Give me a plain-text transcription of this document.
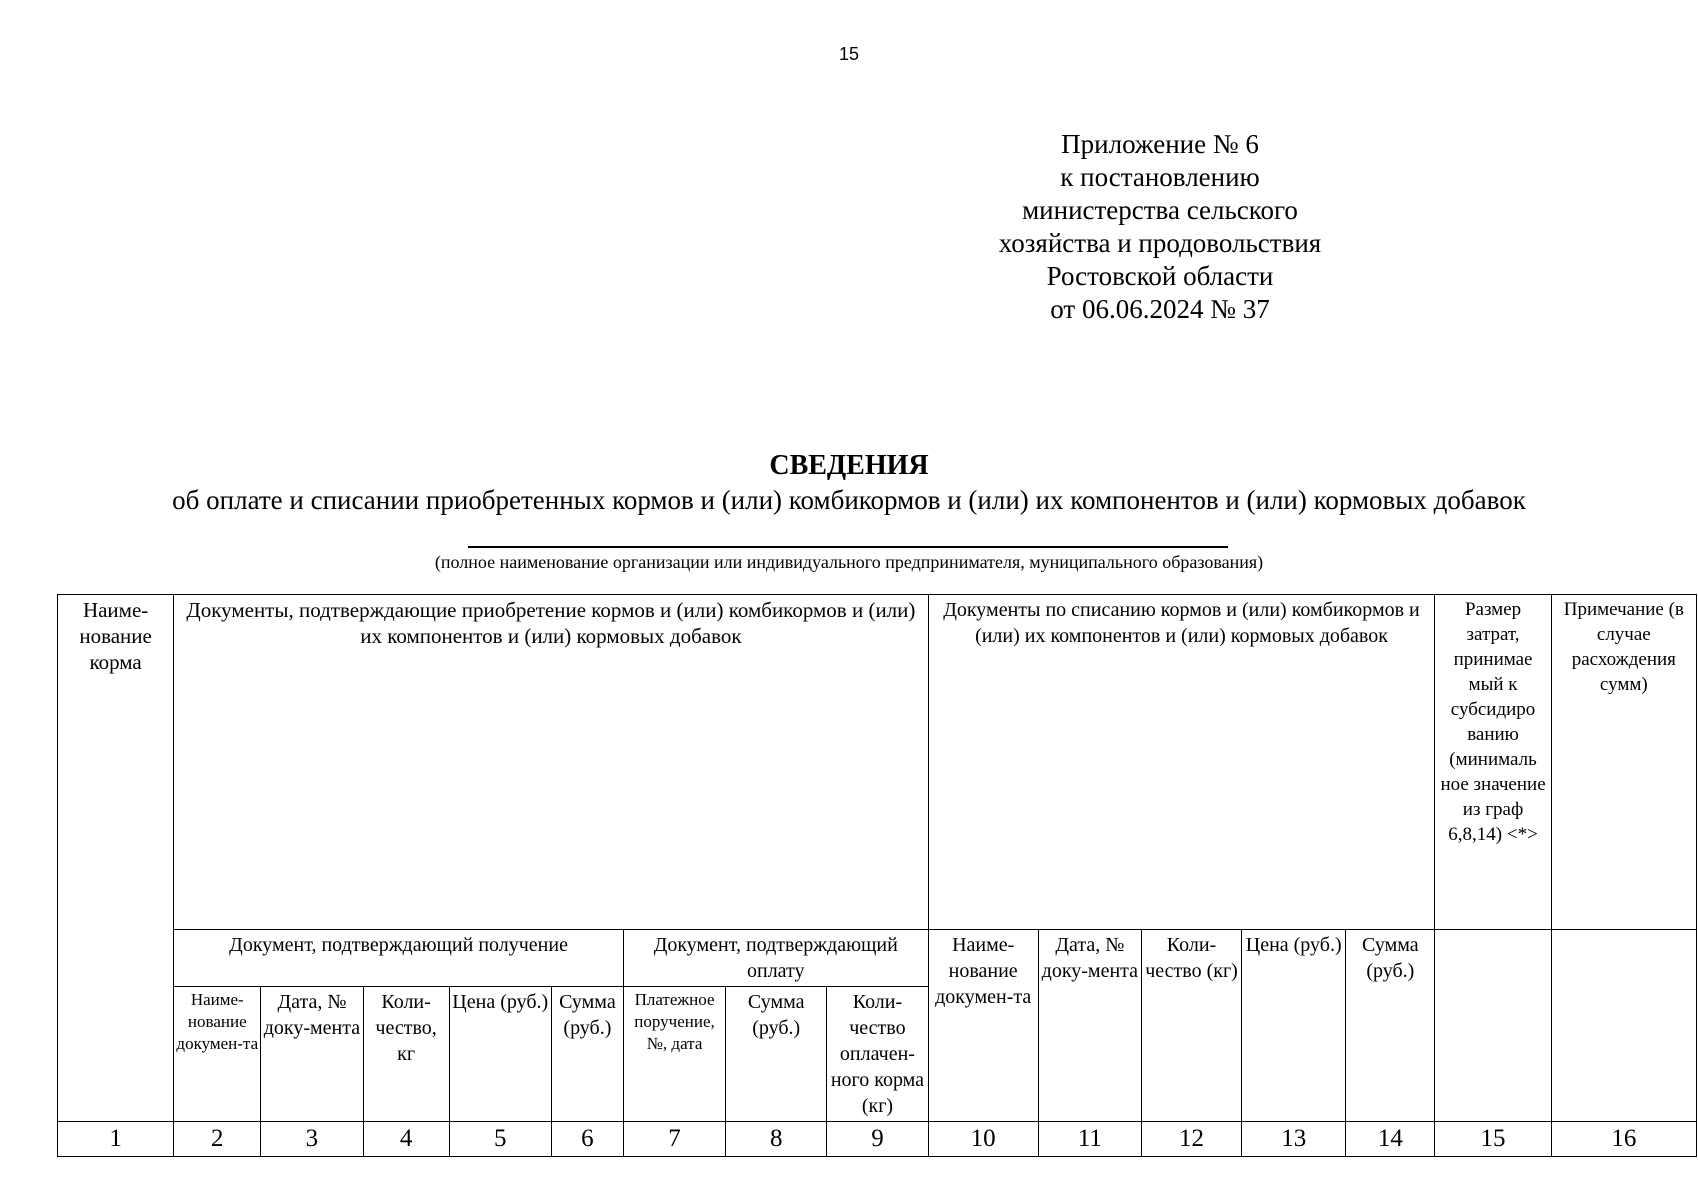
15
Приложение № 6
к постановлению
министерства сельского
хозяйства и продовольствия
Ростовской области
от 06.06.2024 № 37
СВЕДЕНИЯ
об оплате и списании приобретенных кормов и (или) комбикормов и (или) их компонентов и (или) кормовых добавок
(полное наименование организации или индивидуального предпринимателя, муниципального образования)
Наиме-нование корма	Документы, подтверждающие приобретение кормов и (или) комбикормов и (или) их компонентов и (или) кормовых добавок								Документы по списанию кормов и (или) комбикормов и (или) их компонентов и (или) кормовых добавок					Размер затрат, принимае мый к субсидиро ванию (минималь ное значение из граф 6,8,14) <*>	Примечание (в случае расхождения сумм)
	Документ, подтверждающий получение					Документ, подтверждающий оплату			Наиме-нование докумен-та	Дата, № доку-мента	Коли-чество (кг)	Цена (руб.)	Сумма (руб.)		
	Наиме-нование докумен-та	Дата, № доку-мента	Коли-чество, кг	Цена (руб.)	Сумма (руб.)	Платежное поручение, №, дата	Сумма (руб.)	Коли-чество оплачен-ного корма (кг)							
1	2	3	4	5	6	7	8	9	10	11	12	13	14	15	16
